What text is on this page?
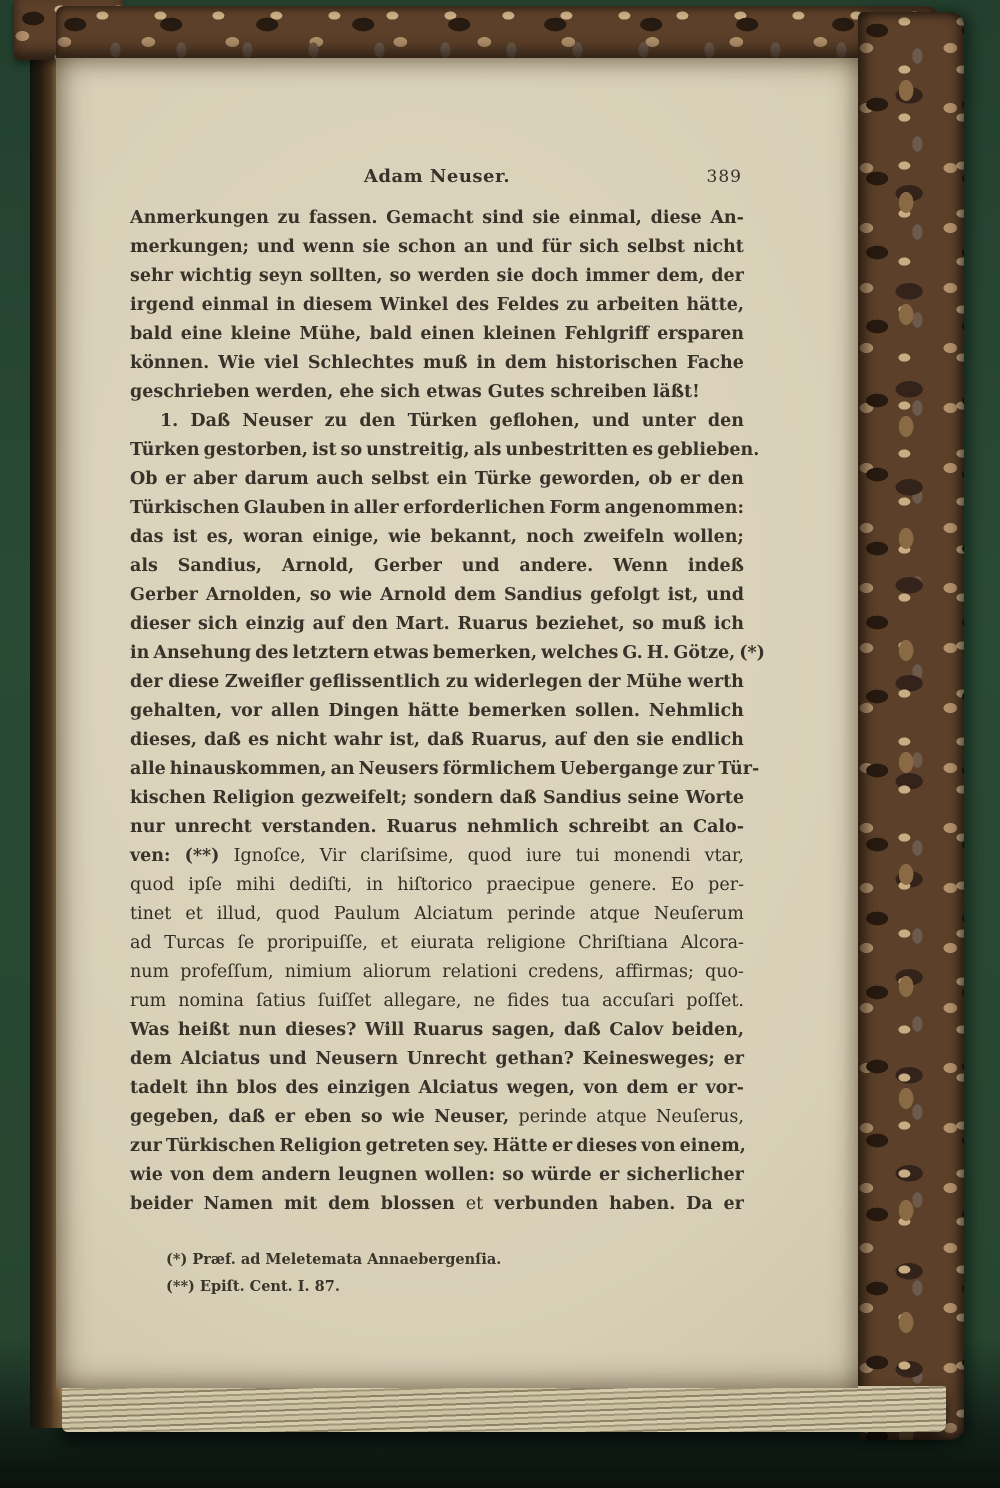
Adam Neuser.	389
Anmerkungen zu fassen. Gemacht sind sie einmal, diese An-
merkungen; und wenn sie schon an und für sich selbst nicht
sehr wichtig seyn sollten, so werden sie doch immer dem, der
irgend einmal in diesem Winkel des Feldes zu arbeiten hätte,
bald eine kleine Mühe, bald einen kleinen Fehlgriff ersparen
können. Wie viel Schlechtes muß in dem historischen Fache
geschrieben werden, ehe sich etwas Gutes schreiben läßt!
1. Daß Neuser zu den Türken geflohen, und unter den
Türken gestorben, ist so unstreitig, als unbestritten es geblieben.
Ob er aber darum auch selbst ein Türke geworden, ob er den
Türkischen Glauben in aller erforderlichen Form angenommen:
das ist es, woran einige, wie bekannt, noch zweifeln wollen;
als Sandius, Arnold, Gerber und andere. Wenn indeß
Gerber Arnolden, so wie Arnold dem Sandius gefolgt ist, und
dieser sich einzig auf den Mart. Ruarus beziehet, so muß ich
in Ansehung des letztern etwas bemerken, welches G. H. Götze, (*)
der diese Zweifler geflissentlich zu widerlegen der Mühe werth
gehalten, vor allen Dingen hätte bemerken sollen. Nehmlich
dieses, daß es nicht wahr ist, daß Ruarus, auf den sie endlich
alle hinauskommen, an Neusers förmlichem Uebergange zur Tür-
kischen Religion gezweifelt; sondern daß Sandius seine Worte
nur unrecht verstanden. Ruarus nehmlich schreibt an Calo-
ven: (**) Ignoſce, Vir clariſsime, quod iure tui monendi vtar,
quod ipſe mihi dediſti, in hiſtorico praecipue genere. Eo per-
tinet et illud, quod Paulum Alciatum perinde atque Neuſerum
ad Turcas ſe proripuiſſe, et eiurata religione Chriſtiana Alcora-
num profeſſum, nimium aliorum relationi credens, affirmas; quo-
rum nomina ſatius ſuiſſet allegare, ne fides tua accuſari poſſet.
Was heißt nun dieses? Will Ruarus sagen, daß Calov beiden,
dem Alciatus und Neusern Unrecht gethan? Keinesweges; er
tadelt ihn blos des einzigen Alciatus wegen, von dem er vor-
gegeben, daß er eben so wie Neuser, perinde atque Neuſerus,
zur Türkischen Religion getreten sey. Hätte er dieses von einem,
wie von dem andern leugnen wollen: so würde er sicherlicher
beider Namen mit dem blossen et verbunden haben. Da er
(*) Præf. ad Meletemata Annaebergenſia.
(**) Epiſt. Cent. I. 87.
